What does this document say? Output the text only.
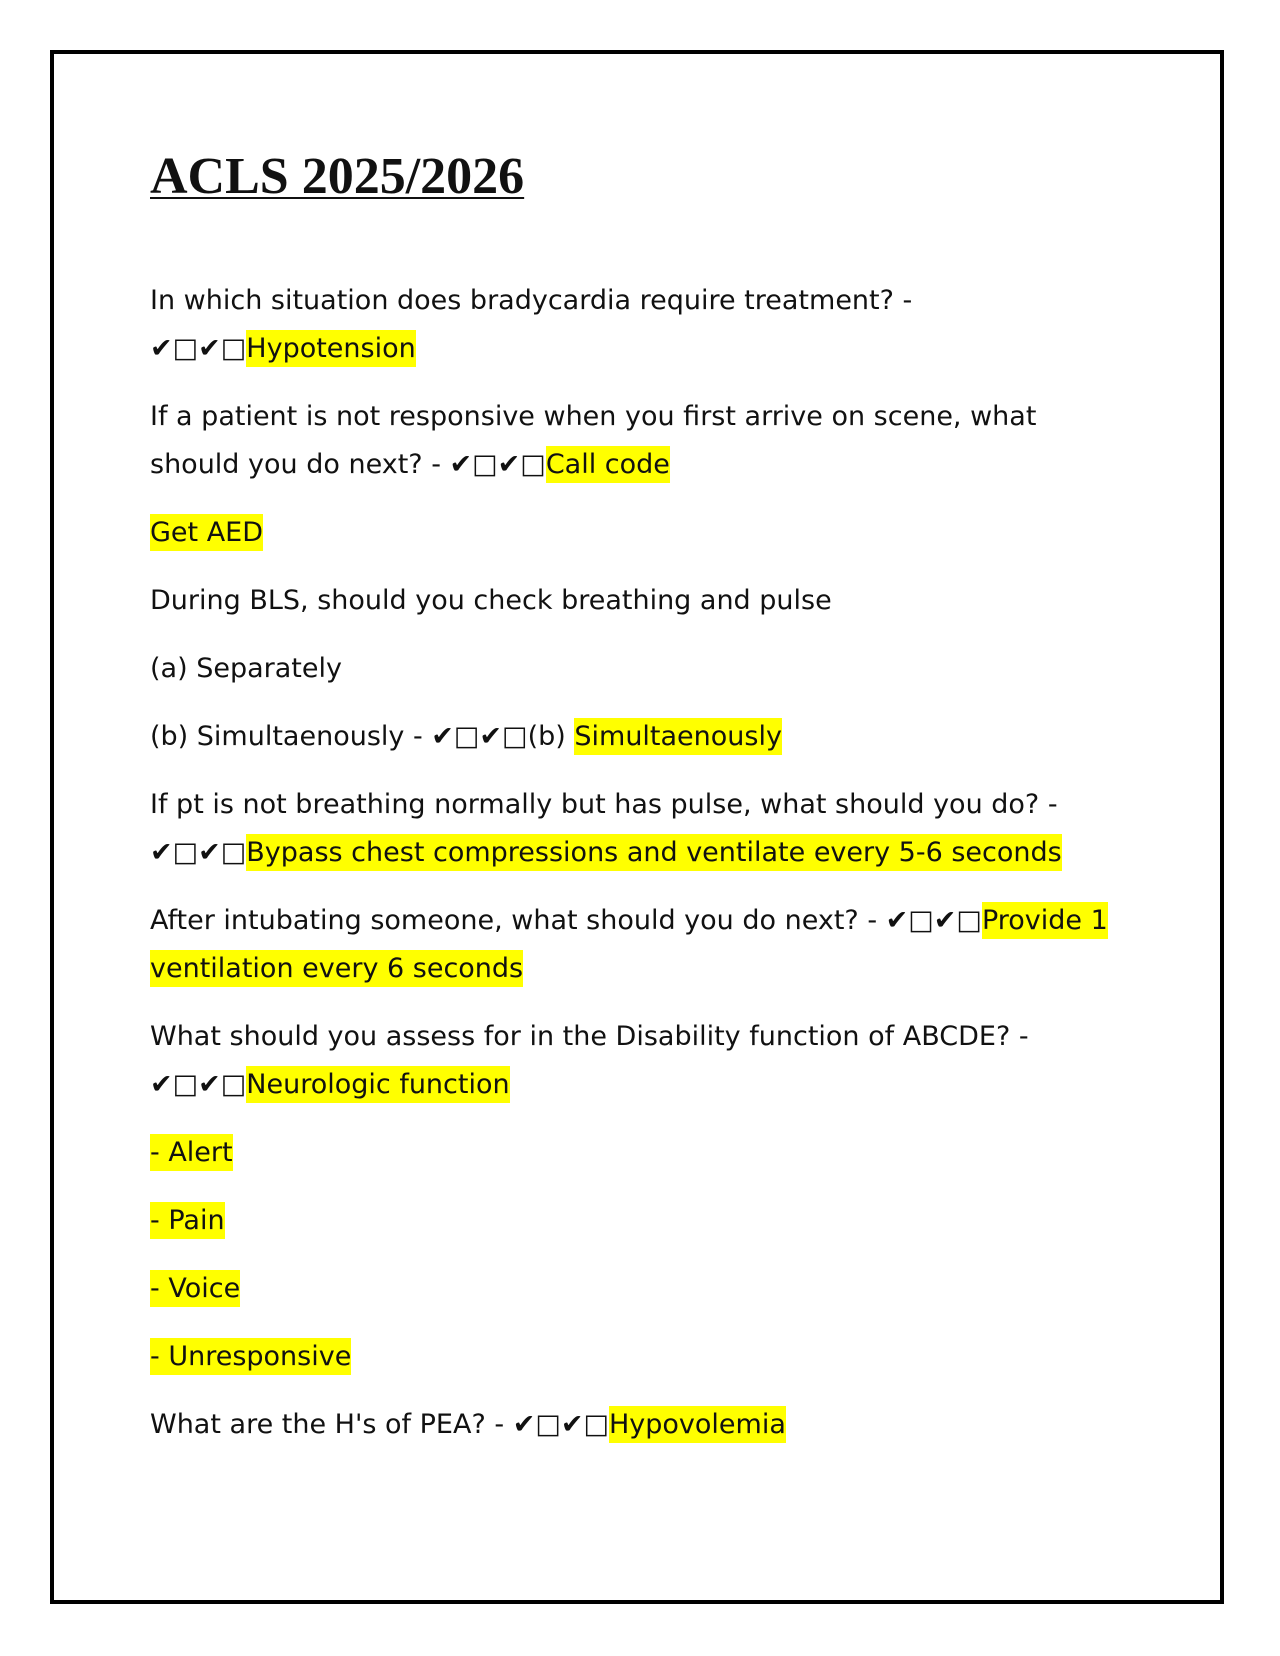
ACLS 2025/2026

In which situation does bradycardia require treatment? - ✔□✔□Hypotension

If a patient is not responsive when you first arrive on scene, what should you do next? - ✔□✔□Call code

Get AED

During BLS, should you check breathing and pulse

(a) Separately

(b) Simultaenously - ✔□✔□(b) Simultaenously

If pt is not breathing normally but has pulse, what should you do? - ✔□✔□Bypass chest compressions and ventilate every 5-6 seconds

After intubating someone, what should you do next? - ✔□✔□Provide 1 ventilation every 6 seconds

What should you assess for in the Disability function of ABCDE? - ✔□✔□Neurologic function

- Alert

- Pain

- Voice

- Unresponsive

What are the H's of PEA? - ✔□✔□Hypovolemia
